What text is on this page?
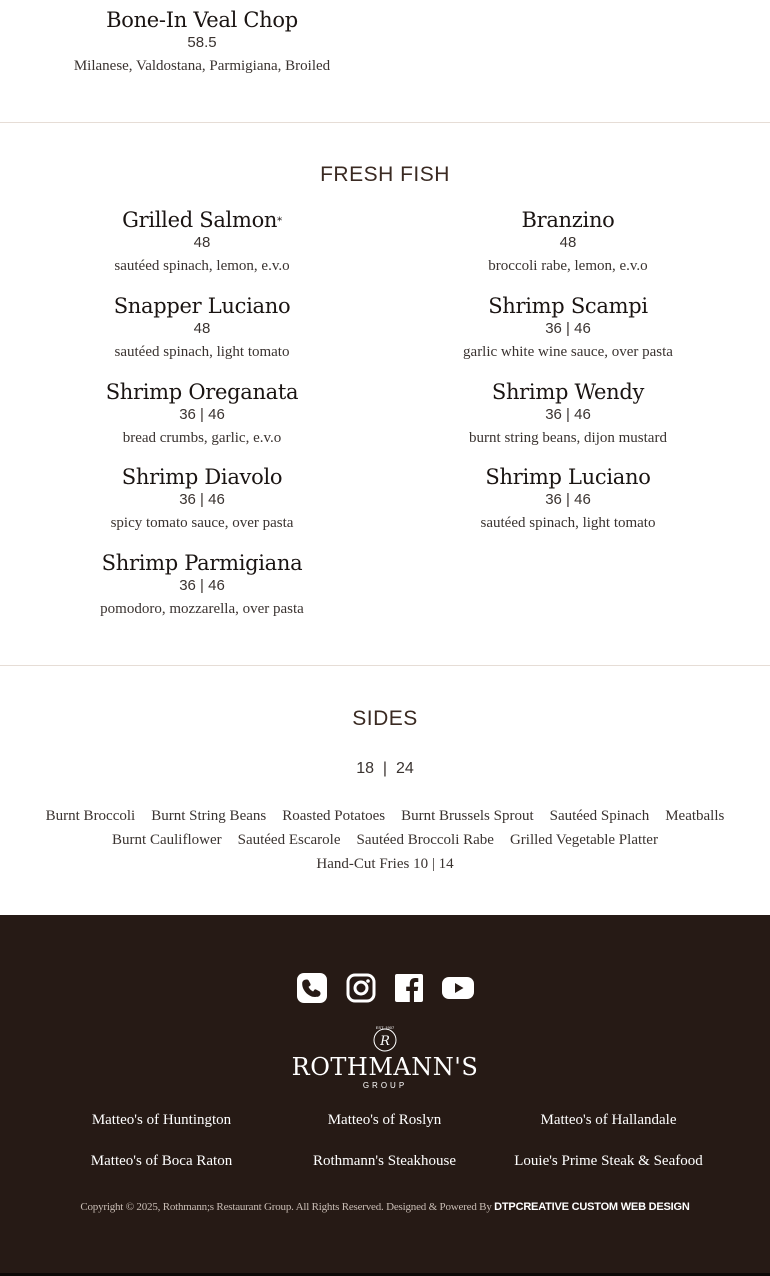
Bone-In Veal Chop
58.5
Milanese, Valdostana, Parmigiana, Broiled
FRESH FISH
Grilled Salmon*
48
sautéed spinach, lemon, e.v.o
Branzino
48
broccoli rabe, lemon, e.v.o
Snapper Luciano
48
sautéed spinach, light tomato
Shrimp Scampi
36 | 46
garlic white wine sauce, over pasta
Shrimp Oreganata
36 | 46
bread crumbs, garlic, e.v.o
Shrimp Wendy
36 | 46
burnt string beans, dijon mustard
Shrimp Diavolo
36 | 46
spicy tomato sauce, over pasta
Shrimp Luciano
36 | 46
sautéed spinach, light tomato
Shrimp Parmigiana
36 | 46
pomodoro, mozzarella, over pasta
SIDES
18  |  24
Burnt Broccoli Burnt String Beans Roasted Potatoes Burnt Brussels Sprout Sautéed Spinach Meatballs
Burnt Cauliflower Sautéed Escarole Sautéed Broccoli Rabe Grilled Vegetable Platter
Hand-Cut Fries 10 | 14

EST. 1907
R
ROTHMANN'S
GROUP
Matteo's of Huntington	Matteo's of Roslyn	Matteo's of Hallandale
Matteo's of Boca Raton	Rothmann's Steakhouse	Louie's Prime Steak & Seafood
Copyright © 2025, Rothmann;s Restaurant Group. All Rights Reserved. Designed & Powered By DTPCREATIVE CUSTOM WEB DESIGN
